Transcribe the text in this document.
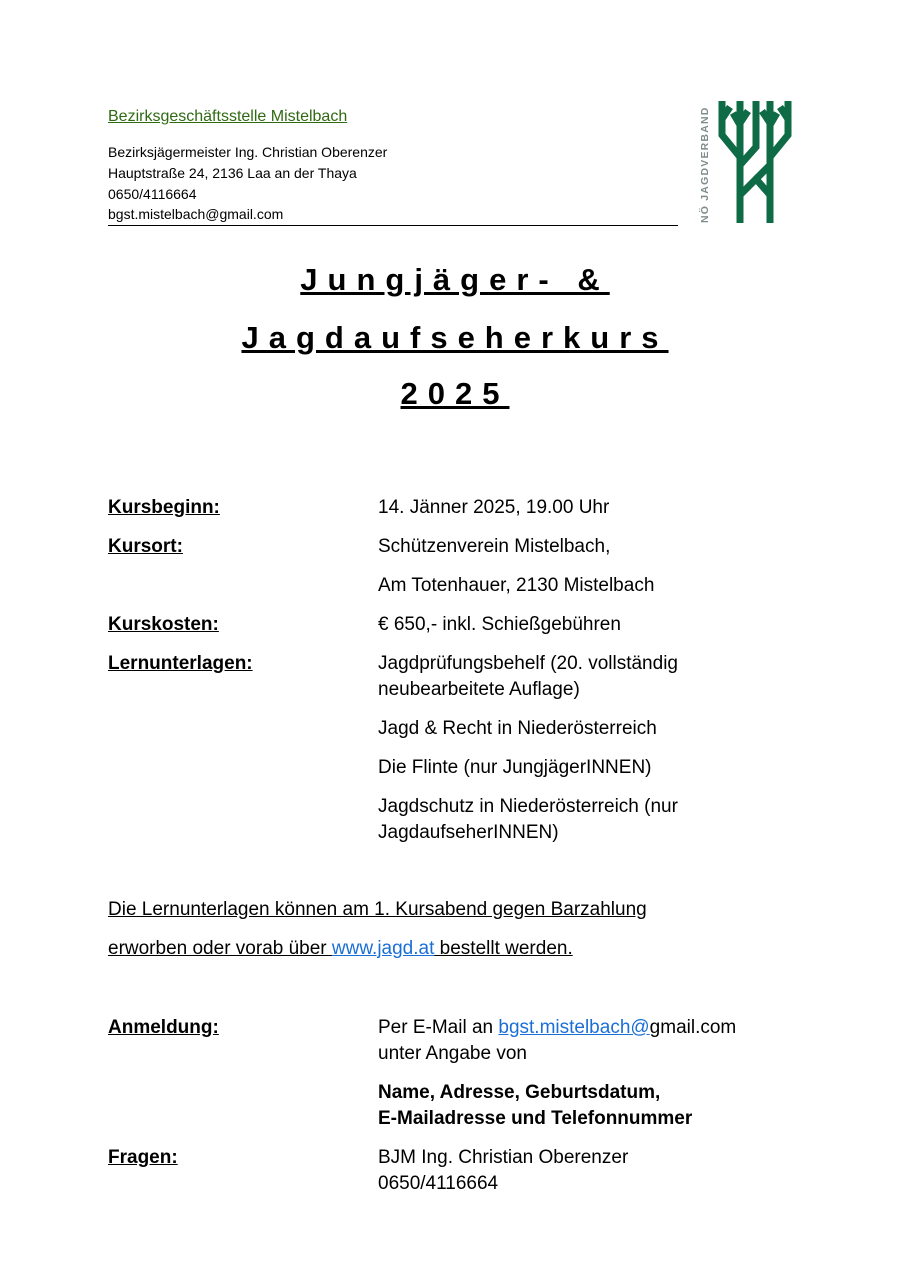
Bezirksgeschäftsstelle Mistelbach
Bezirksjägermeister Ing. Christian Oberenzer
Hauptstraße 24, 2136 Laa an der Thaya
0650/4116664
bgst.mistelbach@gmail.com	NÖ JAGDVERBAND
Jungjäger- &
Jagdaufseherkurs
2025
Kursbeginn:	14. Jänner 2025, 19.00 Uhr
Kursort:	Schützenverein Mistelbach,
Am Totenhauer, 2130 Mistelbach
Kurskosten:	€ 650,- inkl. Schießgebühren
Lernunterlagen:	Jagdprüfungsbehelf (20. vollständig
neubearbeitete Auflage)
Jagd & Recht in Niederösterreich
Die Flinte (nur JungjägerINNEN)
Jagdschutz in Niederösterreich (nur
JagdaufseherINNEN)
Die Lernunterlagen können am 1. Kursabend gegen Barzahlung
erworben oder vorab über www.jagd.at bestellt werden.
Anmeldung:	Per E-Mail an bgst.mistelbach@gmail.com
unter Angabe von
Name, Adresse, Geburtsdatum,
E-Mailadresse und Telefonnummer
Fragen:	BJM Ing. Christian Oberenzer
0650/4116664
